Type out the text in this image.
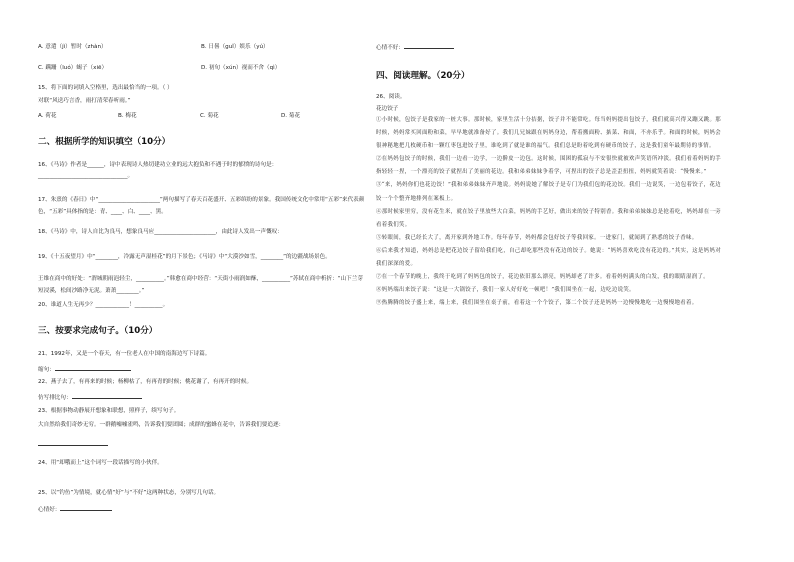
A. 意遣（jì）暂时（zhàn）	B. 日晷（guǐ）娱乐（yú）
C. 蹒跚（luó）蝎子（xiē）	D. 初旬（xún）视而不舍（qì）
15、将下面的词填入空格里，选出最恰当的一项。（ ）
对联“风送巧言香，雨打清荣春听雨。”
A. 荷花	B. 梅花	C. 菊花	D. 菊花
二、根据所学的知识填空（10分）
16、《马诗》作者是______，诗中表现诗人热切建功立业的远大抱负和不遇于时的郁愤的诗句是：
________________________________。
17、朱熹的《春日》中“______________________”两句描写了春天百花盛开、五彩缤纷的景象。我国传统文化中常用“五彩”来代表颜色，“五彩”具体指的是：青、____、白、____、黑。
18、《马诗》中，诗人自比为良马，想象良马应______________________，由此诗人发出一声慨叹：
19、《十五夜望月》中“________，冷露无声湿桂花”的月下景色；《马诗》中“大漠沙如雪，________”的边疆战场景色。
王维在商中的好处：“渭城朝雨浥轻尘，__________。”韩愈在商中经营：“天街小雨润如酥，__________”苏轼在商中析折：“山下兰芽短浸溪，松间沙路净无泥。萧萧________。”
20、谁道人生无再少？____________！__________。
三、按要求完成句子。（10分）
21、1992年，又是一个春天，有一位老人在中国的南海边写下诗篇。
缩句：
22、燕子去了，有再来的时候；杨柳枯了，有再青的时候；桃花谢了，有再开的时候。
仿写排比句：
23、根据事物动静展开想象和联想，照样子，续写句子。
大自然给我们奇妙无穷。一群鹅嘘嘘雀鸣，告诉我们要团圆；成群的蜜蜂在花中，告诉我们要追逐：
24、用“却哦而上”这个词写一段话描写的小伙伴。
25、以“钓鱼”为情境，就心情“好”与“不好”这两种状态，分别写几句话。
心情好：
心情不好：
四、阅读理解。（20分）
26、阅读。
花边饺子

①小时候，包饺子是我家的一桩大事。那时候，家里生活十分拮据，饺子并不能常吃。每当妈妈提出包饺子，我们就高兴得又蹦又跳。那时候，妈妈常买回面粉和菜，早早地就准备好了。我们几兄妹跟在妈妈身边，帮着搬面粉、掂菜、和面，不亦乐乎。和面的时候，妈妈会很神秘地把几枚硬币和一颗红枣包进饺子里，谁吃到了就是谁的福气。我们总是盼着吃到有硬币的饺子，这是我们童年最期待的事情。

②在妈妈包饺子的时候，我们一边看一边学，一边擀皮一边包。这时候，围困的孤寂与不安很快就被欢声笑语所冲淡。我们看着妈妈的手指轻轻一捏，一个漂亮的饺子就捏出了美丽的花边。我和弟弟妹妹争着学，可捏出的饺子总是歪歪扭扭，妈妈就笑着说：“慢慢来。”

③“来，妈妈你们也花边饺！”我和弟弟妹妹齐声地说。妈妈说她了解饺子是专门为我们包的花边饺。我们一边说笑，一边包着饺子，花边饺一个个整齐地排列在案板上。

④那时候家里穷，没有花生米，就在饺子里放些大白菜，妈妈的手艺好，做出来的饺子特别香。我和弟弟妹妹总是抢着吃，妈妈却在一旁看着我们笑。

⑤转眼间，我已经长大了，离开家到外地工作。每年春节，妈妈都会包好饺子等我回家。一进家门，就闻到了熟悉的饺子香味。

⑥后来我才知道，妈妈总是把花边饺子留给我们吃，自己却吃那些没有花边的饺子。她说：“妈妈喜欢吃没有花边的。”其实，这是妈妈对我们深深的爱。

⑦在一个春节的晚上，我终于吃到了妈妈包的饺子，花边依旧那么漂亮，妈妈却老了许多。看着妈妈满头的白发，我的眼睛湿润了。

⑧妈妈端出来饺子说：“这是一大锅饺子，我们一家人好好吃一顿吧！”我们围坐在一起，边吃边说笑。

⑨热腾腾的饺子盛上来，端上来，我们围坐在桌子前，看着这一个个饺子，第二个饺子还是妈妈一边慢慢地吃一边慢慢地看着。
